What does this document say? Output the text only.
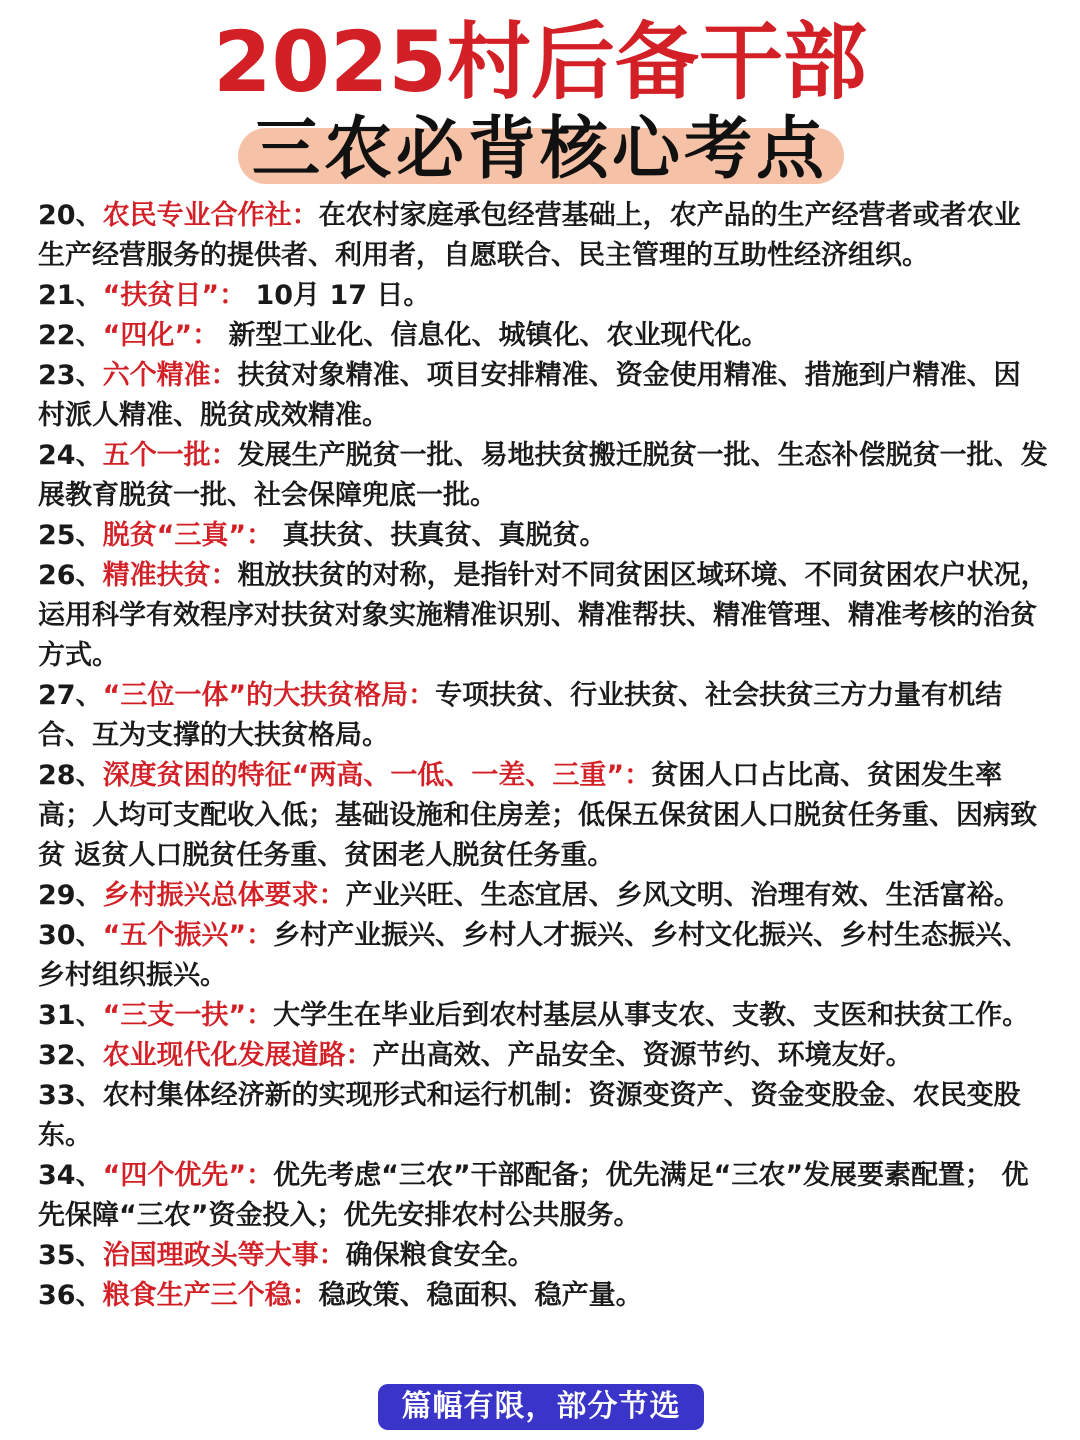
2025村后备干部
三农必背核心考点

20、农民专业合作社：在农村家庭承包经营基础上，农产品的生产经营者或者农业 生产经营服务的提供者、利用者，自愿联合、民主管理的互助性经济组织。

21、“扶贫日”： 10月 17 日。

22、“四化”： 新型工业化、信息化、城镇化、农业现代化。

23、六个精准：扶贫对象精准、项目安排精准、资金使用精准、措施到户精准、因 村派人精准、脱贫成效精准。

24、五个一批：发展生产脱贫一批、易地扶贫搬迁脱贫一批、生态补偿脱贫一批、发展教育脱贫一批、社会保障兜底一批。

25、脱贫“三真”： 真扶贫、扶真贫、真脱贫。

26、精准扶贫：粗放扶贫的对称，是指针对不同贫困区域环境、不同贫困农户状况，运用科学有效程序对扶贫对象实施精准识别、精准帮扶、精准管理、精准考核的治贫方式。

27、“三位一体”的大扶贫格局：专项扶贫、行业扶贫、社会扶贫三方力量有机结合、互为支撑的大扶贫格局。

28、深度贫困的特征“两高、一低、一差、三重”：贫困人口占比高、贫困发生率高；人均可支配收入低；基础设施和住房差；低保五保贫困人口脱贫任务重、因病致贫 返贫人口脱贫任务重、贫困老人脱贫任务重。

29、乡村振兴总体要求：产业兴旺、生态宜居、乡风文明、治理有效、生活富裕。

30、“五个振兴”：乡村产业振兴、乡村人才振兴、乡村文化振兴、乡村生态振兴、 乡村组织振兴。

31、“三支一扶”：大学生在毕业后到农村基层从事支农、支教、支医和扶贫工作。

32、农业现代化发展道路：产出高效、产品安全、资源节约、环境友好。

33、农村集体经济新的实现形式和运行机制：资源变资产、资金变股金、农民变股东。

34、“四个优先”：优先考虑“三农”干部配备；优先满足“三农”发展要素配置； 优先保障“三农”资金投入；优先安排农村公共服务。

35、治国理政头等大事：确保粮食安全。

36、粮食生产三个稳：稳政策、稳面积、稳产量。

篇幅有限，部分节选
